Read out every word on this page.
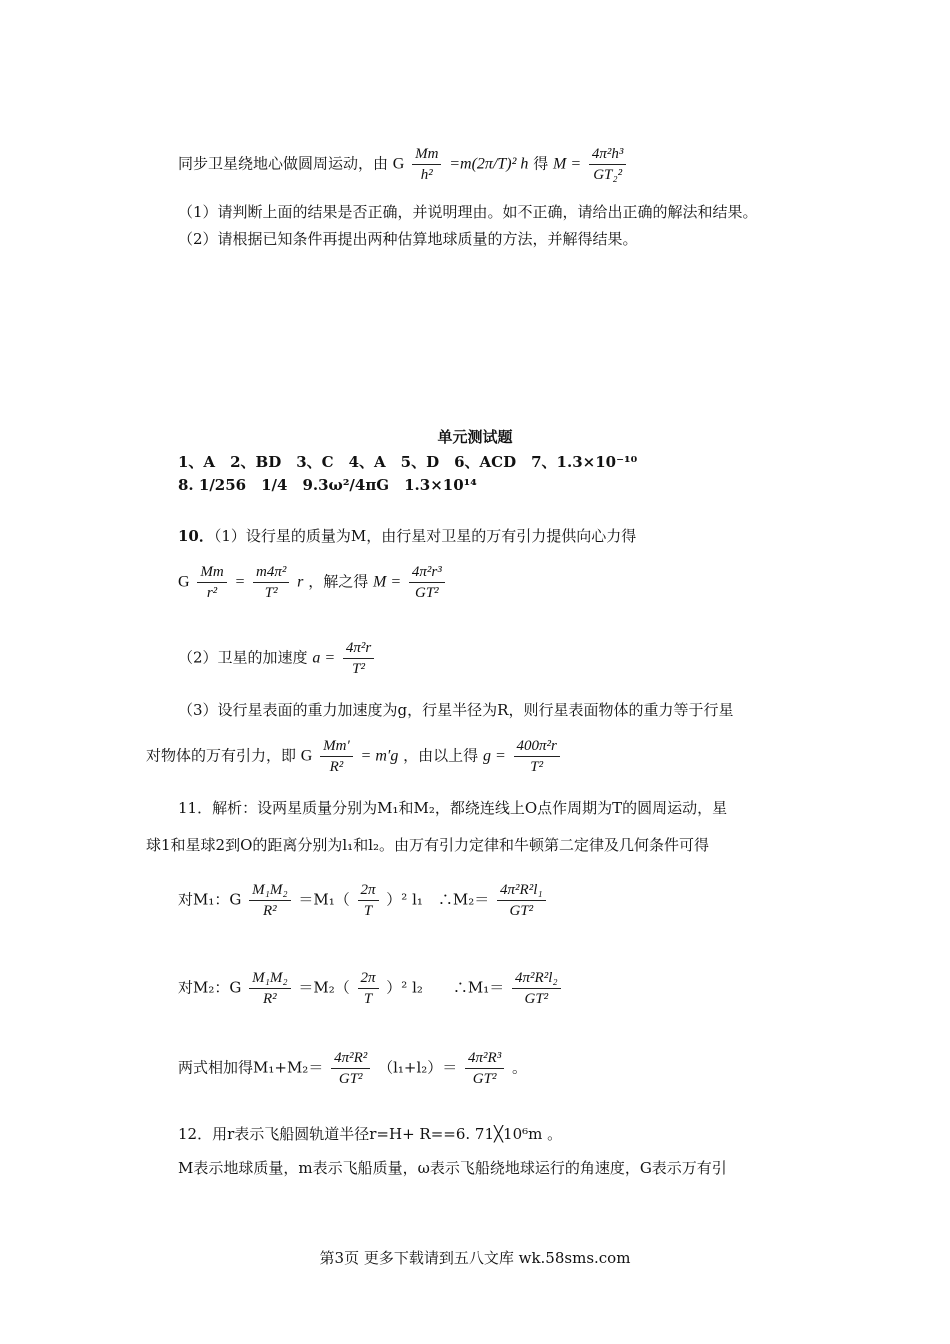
同步卫星绕地心做圆周运动，由 G $\frac{Mm}{\text{h²}} =m(2\pi/T)^2$ h 得 $M = \frac{\text{4π²h³}}{\text{GT₂²}}$
（1）请判断上面的结果是否正确，并说明理由。如不正确，请给出正确的解法和结果。
（2）请根据已知条件再提出两种估算地球质量的方法，并解得结果。
单元测试题
1、A　2、BD　3、C　4、A　5、D　6、ACD　7、1.3×10⁻¹⁰
8. 1/256　1/4　9.3ω²/4πG　1.3×10¹⁴
10．（1）设行星的质量为M，由行星对卫星的万有引力提供向心力得
G $\frac{Mm}{\text{r²}} = \frac{\text{m4π²}}{\text{T²}}$ r ，解之得 $M = \frac{\text{4π²r³}}{\text{GT²}}$
（2）卫星的加速度 $a = \frac{\text{4π²r}}{\text{T²}}$
（3）设行星表面的重力加速度为g，行星半径为R，则行星表面物体的重力等于行星
对物体的万有引力，即 G $\frac{Mm'}{\text{R²}} = m'g$ ，由以上得 $g = \frac{\text{400π²r}}{\text{T²}}$
11．解析：设两星质量分别为M₁和M₂，都绕连线上O点作周期为T的圆周运动，星
球1和星球2到O的距离分别为l₁和l₂。由万有引力定律和牛顿第二定律及几何条件可得
对M₁：G $\frac{\text{M₁M₂}}{\text{R²}} =M_1( \frac{2\pi}{T} )^2$ l₁　∴M₂＝ $\frac{\text{4π²R²l₁}}{\text{GT²}}$
对M₂：G $\frac{\text{M₁M₂}}{\text{R²}} =M_2( \frac{2\pi}{T} )^2$ l₂　　∴M₁＝ $\frac{\text{4π²R²l₂}}{\text{GT²}}$
两式相加得$M_1+M_2= \frac{\text{4π²R²}}{\text{GT²}} (l_1+l_2)= \frac{\text{4π²R³}}{\text{GT²}}$ 。
12．用r表示飞船圆轨道半径r=H+ R==6. 71╳10⁶m 。
M表示地球质量，m表示飞船质量，ω表示飞船绕地球运行的角速度，G表示万有引
第3页 更多下载请到五八文库 wk.58sms.com
